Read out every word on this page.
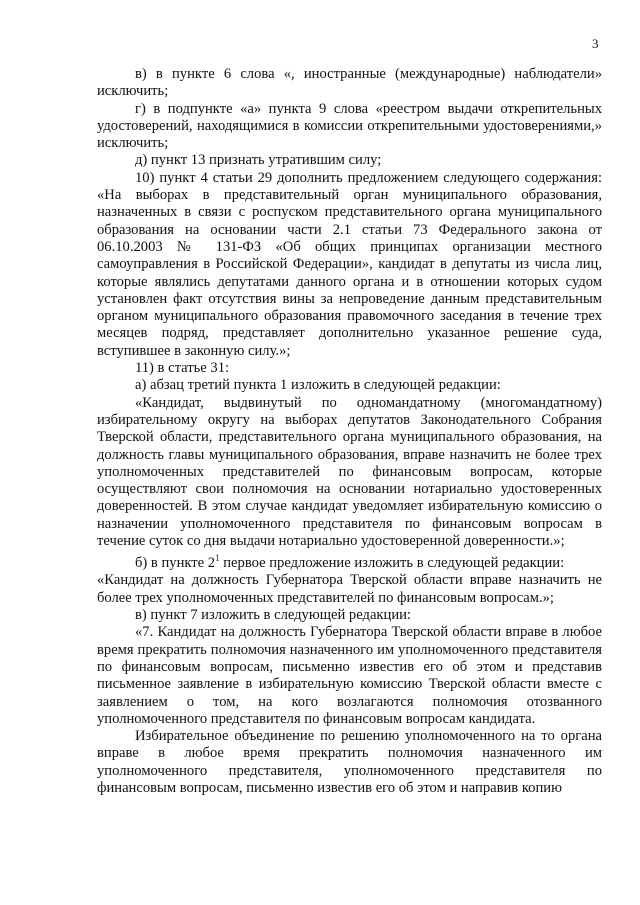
3

в) в пункте 6 слова «, иностранные (международные) наблюдатели» исключить;

г) в подпункте «а» пункта 9 слова «реестром выдачи открепительных удостоверений, находящимися в комиссии открепительными удостоверениями,» исключить;

д) пункт 13 признать утратившим силу;

10) пункт 4 статьи 29 дополнить предложением следующего содержания: «На выборах в представительный орган муниципального образования, назначенных в связи с роспуском представительного органа муниципального образования на основании части 2.1 статьи 73 Федерального закона от 06.10.2003 № 131-ФЗ «Об общих принципах организации местного самоуправления в Российской Федерации», кандидат в депутаты из числа лиц, которые являлись депутатами данного органа и в отношении которых судом установлен факт отсутствия вины за непроведение данным представительным органом муниципального образования правомочного заседания в течение трех месяцев подряд, представляет дополнительно указанное решение суда, вступившее в законную силу.»;

11) в статье 31:

а) абзац третий пункта 1 изложить в следующей редакции:

«Кандидат, выдвинутый по одномандатному (многомандатному) избирательному округу на выборах депутатов Законодательного Собрания Тверской области, представительного органа муниципального образования, на должность главы муниципального образования, вправе назначить не более трех уполномоченных представителей по финансовым вопросам, которые осуществляют свои полномочия на основании нотариально удостоверенных доверенностей. В этом случае кандидат уведомляет избирательную комиссию о назначении уполномоченного представителя по финансовым вопросам в течение суток со дня выдачи нотариально удостоверенной доверенности.»;

б) в пункте $2^1$ первое предложение изложить в следующей редакции:

«Кандидат на должность Губернатора Тверской области вправе назначить не более трех уполномоченных представителей по финансовым вопросам.»;

в) пункт 7 изложить в следующей редакции:

«7. Кандидат на должность Губернатора Тверской области вправе в любое время прекратить полномочия назначенного им уполномоченного представителя по финансовым вопросам, письменно известив его об этом и представив письменное заявление в избирательную комиссию Тверской области вместе с заявлением о том, на кого возлагаются полномочия отозванного уполномоченного представителя по финансовым вопросам кандидата.

Избирательное объединение по решению уполномоченного на то органа вправе в любое время прекратить полномочия назначенного им уполномоченного представителя, уполномоченного представителя по финансовым вопросам, письменно известив его об этом и направив копию
